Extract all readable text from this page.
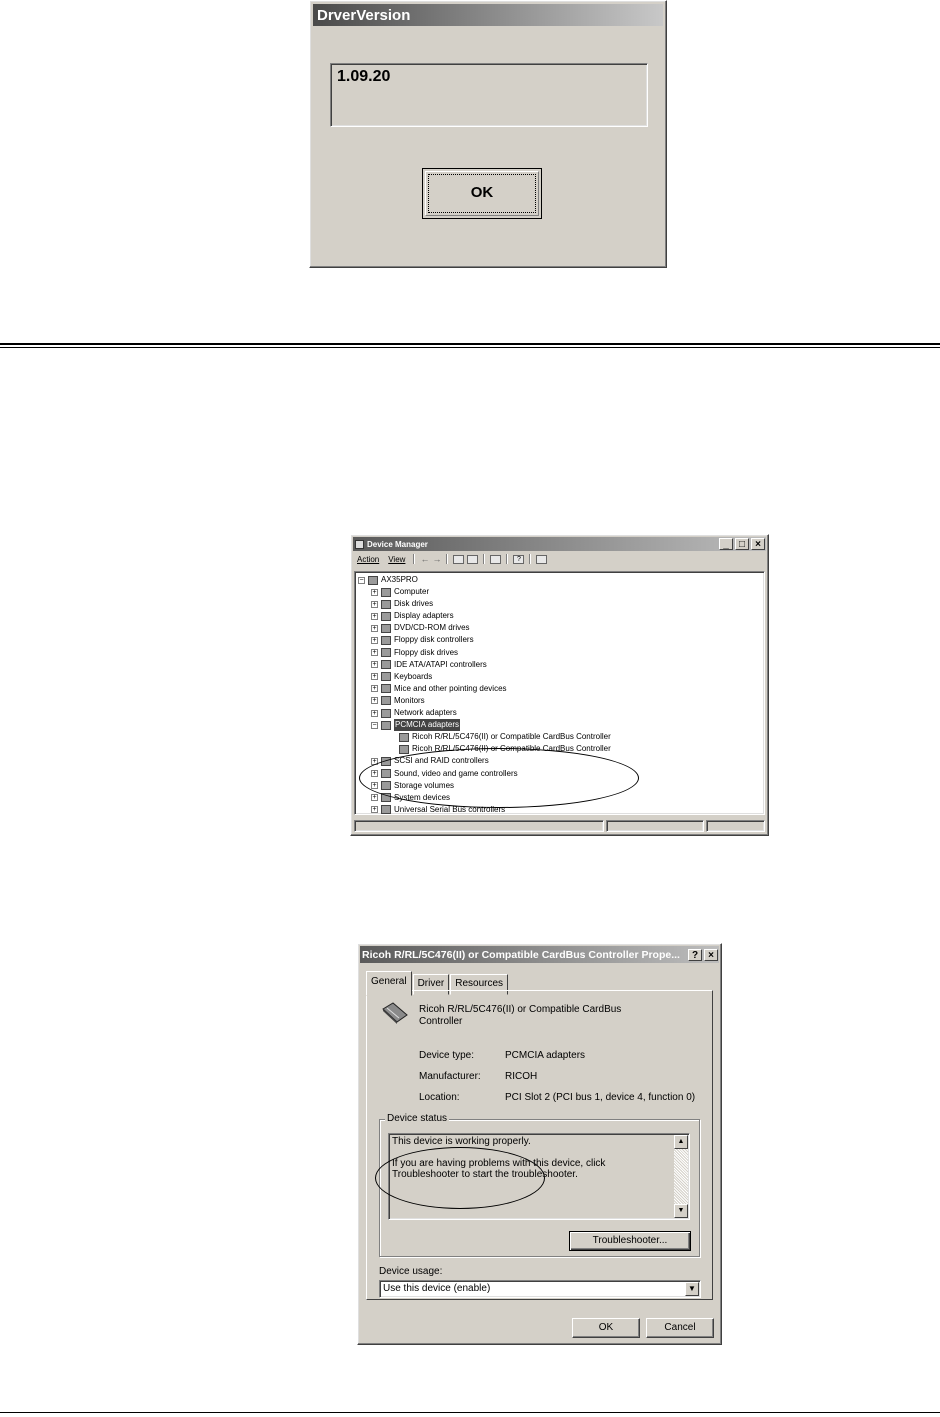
DrverVersion
1.09.20
OK
Device Manager	_	□	×
Action	View	← →	?
− AX35PRO
+ Computer
+ Disk drives
+ Display adapters
+ DVD/CD-ROM drives
+ Floppy disk controllers
+ Floppy disk drives
+ IDE ATA/ATAPI controllers
+ Keyboards
+ Mice and other pointing devices
+ Monitors
+ Network adapters
− PCMCIA adapters
Ricoh R/RL/5C476(II) or Compatible CardBus Controller
Ricoh R/RL/5C476(II) or Compatible CardBus Controller
+ SCSI and RAID controllers
+ Sound, video and game controllers
+ Storage volumes
+ System devices
+ Universal Serial Bus controllers
Ricoh R/RL/5C476(II) or Compatible CardBus Controller Prope...	?	×
General	Driver	Resources
Ricoh R/RL/5C476(II) or Compatible CardBus Controller
Device type:	PCMCIA adapters
Manufacturer: RICOH
Location:	PCI Slot 2 (PCI bus 1, device 4, function 0)
Device status

This device is working properly.

If you are having problems with this device, click Troubleshooter to start the troubleshooter.

▲
▼
Troubleshooter...
Device usage:
Use this device (enable)	▼
OK	Cancel
